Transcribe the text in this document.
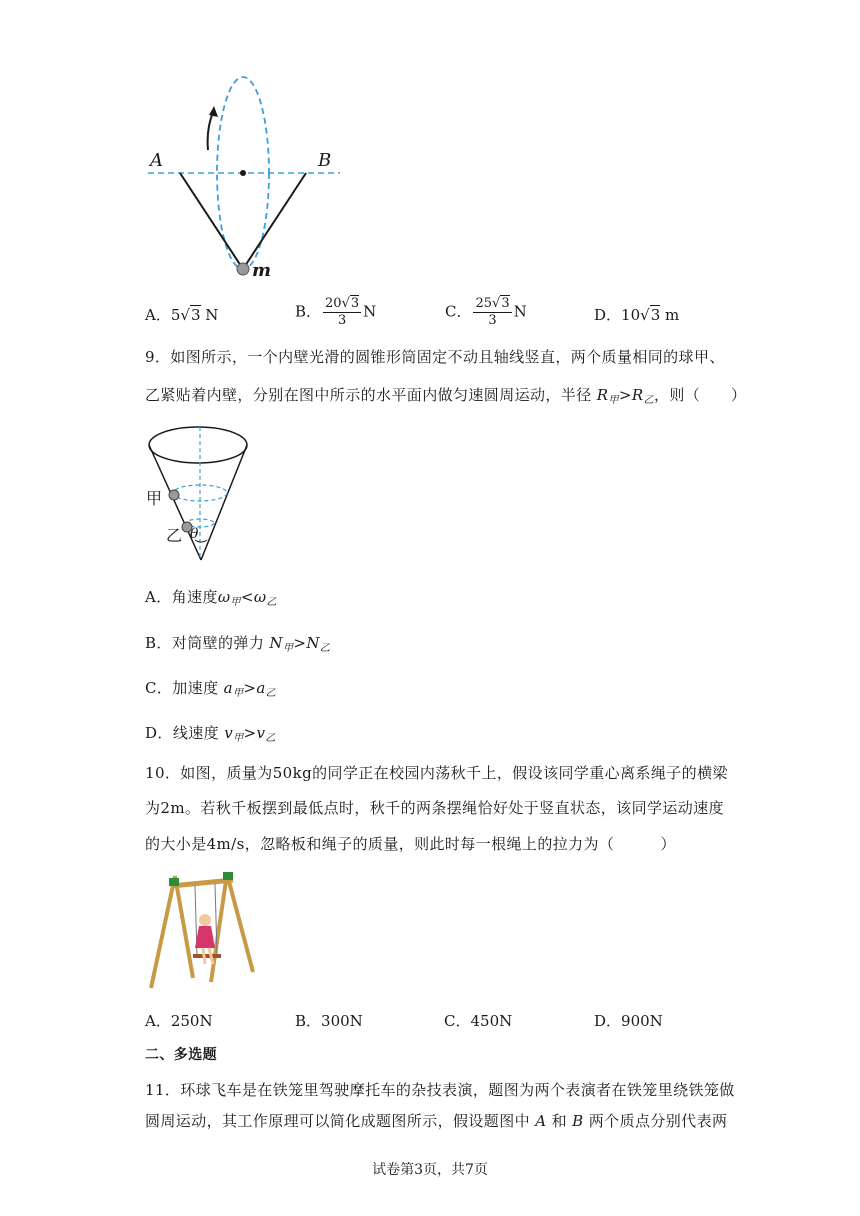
A	B
m
A．5√3 N	B． $\frac{20√3}{3}$ N	C． $\frac{25√3}{3}$ N	D．10√3 m
9．如图所示，一个内壁光滑的圆锥形筒固定不动且轴线竖直，两个质量相同的球甲、
乙紧贴着内壁，分别在图中所示的水平面内做匀速圆周运动，半径 $R_甲>R_乙$，则（　　）
甲
乙 θ
A．角速度$\omega_甲<\omega_乙$
B．对筒壁的弹力 $N_甲>N_乙$
C．加速度 $a_甲>a_乙$
D．线速度 $v_甲>v_乙$
10．如图，质量为50kg的同学正在校园内荡秋千上，假设该同学重心离系绳子的横梁
为2m。若秋千板摆到最低点时，秋千的两条摆绳恰好处于竖直状态，该同学运动速度
的大小是4m/s，忽略板和绳子的质量，则此时每一根绳上的拉力为（　　　）
A．250N	B．300N	C．450N	D．900N
二、多选题
11．环球飞车是在铁笼里驾驶摩托车的杂技表演，题图为两个表演者在铁笼里绕铁笼做
圆周运动，其工作原理可以简化成题图所示，假设题图中 A 和 B 两个质点分别代表两
试卷第3页，共7页
